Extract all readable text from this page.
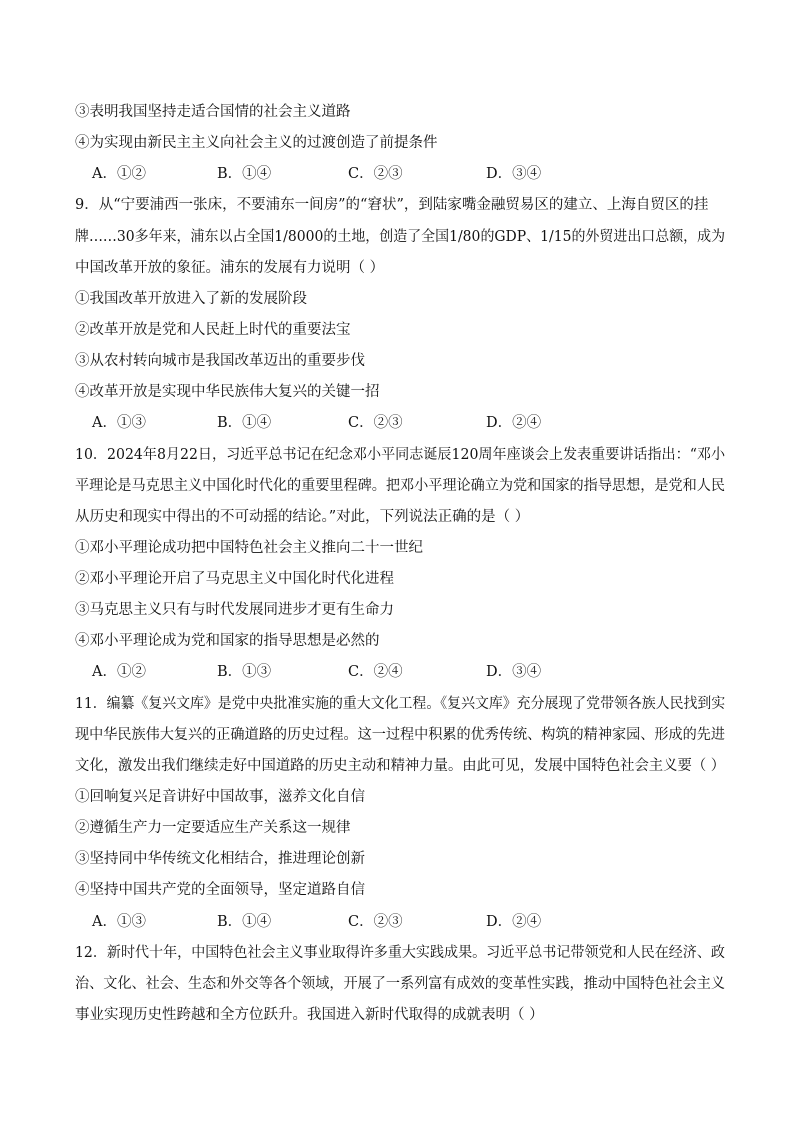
③表明我国坚持走适合国情的社会主义道路
④为实现由新民主主义向社会主义的过渡创造了前提条件
A．①②	B．①④	C．②③	D．③④
9．从“宁要浦西一张床，不要浦东一间房”的“窘状”，到陆家嘴金融贸易区的建立、上海自贸区的挂
牌……30多年来，浦东以占全国1/8000的土地，创造了全国1/80的GDP、1/15的外贸进出口总额，成为
中国改革开放的象征。浦东的发展有力说明（ ）
①我国改革开放进入了新的发展阶段
②改革开放是党和人民赶上时代的重要法宝
③从农村转向城市是我国改革迈出的重要步伐
④改革开放是实现中华民族伟大复兴的关键一招
A．①③	B．①④	C．②③	D．②④
10．2024年8月22日，习近平总书记在纪念邓小平同志诞辰120周年座谈会上发表重要讲话指出：“邓小
平理论是马克思主义中国化时代化的重要里程碑。把邓小平理论确立为党和国家的指导思想，是党和人民
从历史和现实中得出的不可动摇的结论。”对此，下列说法正确的是（ ）
①邓小平理论成功把中国特色社会主义推向二十一世纪
②邓小平理论开启了马克思主义中国化时代化进程
③马克思主义只有与时代发展同进步才更有生命力
④邓小平理论成为党和国家的指导思想是必然的
A．①②	B．①③	C．②④	D．③④
11．编纂《复兴文库》是党中央批准实施的重大文化工程。《复兴文库》充分展现了党带领各族人民找到实
现中华民族伟大复兴的正确道路的历史过程。这一过程中积累的优秀传统、构筑的精神家园、形成的先进
文化，激发出我们继续走好中国道路的历史主动和精神力量。由此可见，发展中国特色社会主义要（ ）
①回响复兴足音讲好中国故事，滋养文化自信
②遵循生产力一定要适应生产关系这一规律
③坚持同中华传统文化相结合，推进理论创新
④坚持中国共产党的全面领导，坚定道路自信
A．①③	B．①④	C．②③	D．②④
12．新时代十年，中国特色社会主义事业取得许多重大实践成果。习近平总书记带领党和人民在经济、政
治、文化、社会、生态和外交等各个领域，开展了一系列富有成效的变革性实践，推动中国特色社会主义
事业实现历史性跨越和全方位跃升。我国进入新时代取得的成就表明（ ）
